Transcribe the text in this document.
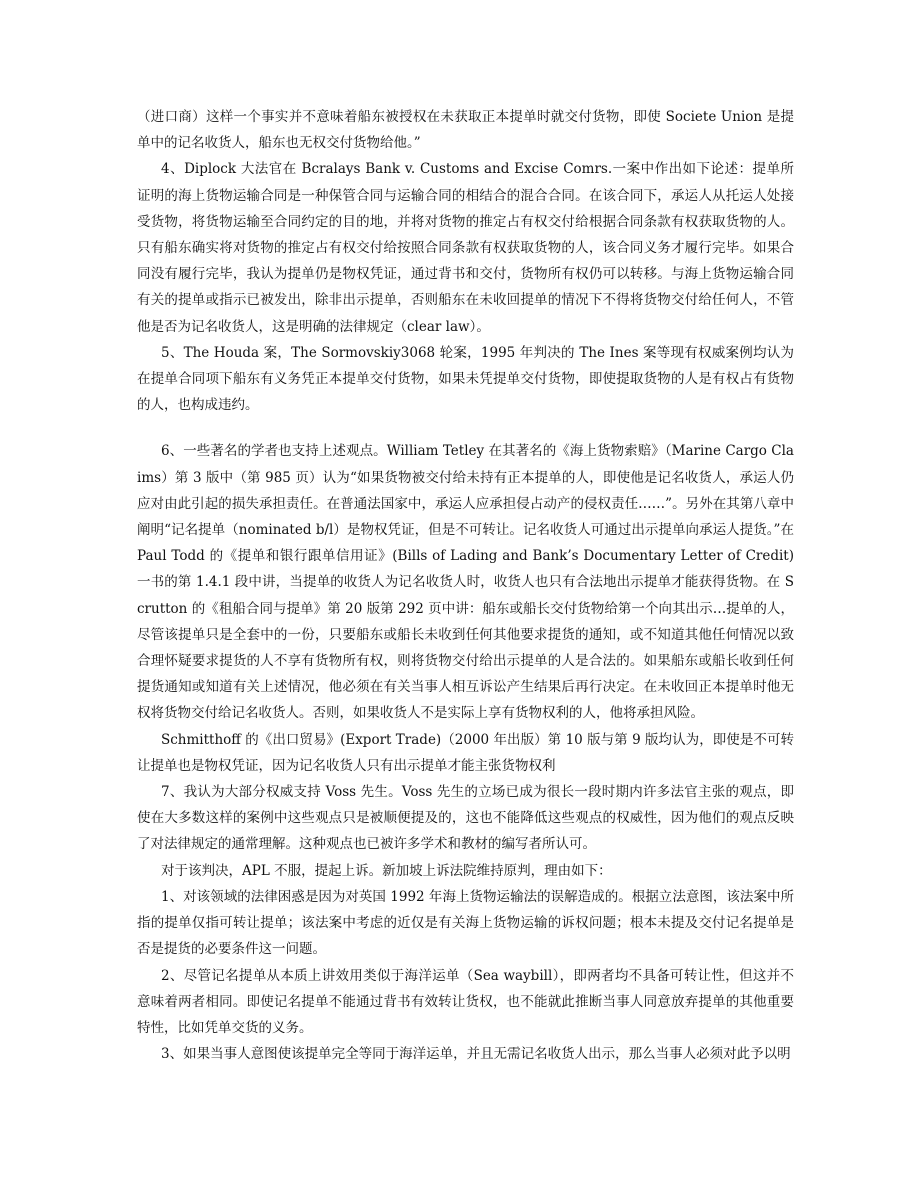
（进口商）这样一个事实并不意味着船东被授权在未获取正本提单时就交付货物，即使 Societe Union 是提单中的记名收货人，船东也无权交付货物给他。”

4、Diplock 大法官在 Bcralays Bank v. Customs and Excise Comrs.一案中作出如下论述：提单所证明的海上货物运输合同是一种保管合同与运输合同的相结合的混合合同。在该合同下，承运人从托运人处接受货物，将货物运输至合同约定的目的地，并将对货物的推定占有权交付给根据合同条款有权获取货物的人。只有船东确实将对货物的推定占有权交付给按照合同条款有权获取货物的人，该合同义务才履行完毕。如果合同没有履行完毕，我认为提单仍是物权凭证，通过背书和交付，货物所有权仍可以转移。与海上货物运输合同有关的提单或指示已被发出，除非出示提单，否则船东在未收回提单的情况下不得将货物交付给任何人，不管他是否为记名收货人，这是明确的法律规定（clear law）。

5、The Houda 案，The Sormovskiy3068 轮案，1995 年判决的 The Ines 案等现有权威案例均认为在提单合同项下船东有义务凭正本提单交付货物，如果未凭提单交付货物，即使提取货物的人是有权占有货物的人，也构成违约。

6、一些著名的学者也支持上述观点。William Tetley 在其著名的《海上货物索赔》（Marine Cargo Claims）第 3 版中（第 985 页）认为“如果货物被交付给未持有正本提单的人，即使他是记名收货人，承运人仍应对由此引起的损失承担责任。在普通法国家中，承运人应承担侵占动产的侵权责任……”。另外在其第八章中阐明“记名提单（nominated b/l）是物权凭证，但是不可转让。记名收货人可通过出示提单向承运人提货。”在 Paul Todd 的《提单和银行跟单信用证》(Bills of Lading and Bank’s Documentary Letter of Credit)一书的第 1.4.1 段中讲，当提单的收货人为记名收货人时，收货人也只有合法地出示提单才能获得货物。在 Scrutton 的《租船合同与提单》第 20 版第 292 页中讲：船东或船长交付货物给第一个向其出示…提单的人，尽管该提单只是全套中的一份，只要船东或船长未收到任何其他要求提货的通知，或不知道其他任何情况以致合理怀疑要求提货的人不享有货物所有权，则将货物交付给出示提单的人是合法的。如果船东或船长收到任何提货通知或知道有关上述情况，他必须在有关当事人相互诉讼产生结果后再行决定。在未收回正本提单时他无权将货物交付给记名收货人。否则，如果收货人不是实际上享有货物权利的人，他将承担风险。

Schmitthoff 的《出口贸易》(Export Trade)（2000 年出版）第 10 版与第 9 版均认为，即使是不可转让提单也是物权凭证，因为记名收货人只有出示提单才能主张货物权利

7、我认为大部分权威支持 Voss 先生。Voss 先生的立场已成为很长一段时期内许多法官主张的观点，即使在大多数这样的案例中这些观点只是被顺便提及的，这也不能降低这些观点的权威性，因为他们的观点反映了对法律规定的通常理解。这种观点也已被许多学术和教材的编写者所认可。

对于该判决，APL 不服，提起上诉。新加坡上诉法院维持原判，理由如下：

1、对该领域的法律困惑是因为对英国 1992 年海上货物运输法的误解造成的。根据立法意图，该法案中所指的提单仅指可转让提单；该法案中考虑的近仅是有关海上货物运输的诉权问题；根本未提及交付记名提单是否是提货的必要条件这一问题。

2、尽管记名提单从本质上讲效用类似于海洋运单（Sea waybill），即两者均不具备可转让性，但这并不意味着两者相同。即使记名提单不能通过背书有效转让货权，也不能就此推断当事人同意放弃提单的其他重要特性，比如凭单交货的义务。

3、如果当事人意图使该提单完全等同于海洋运单，并且无需记名收货人出示，那么当事人必须对此予以明
